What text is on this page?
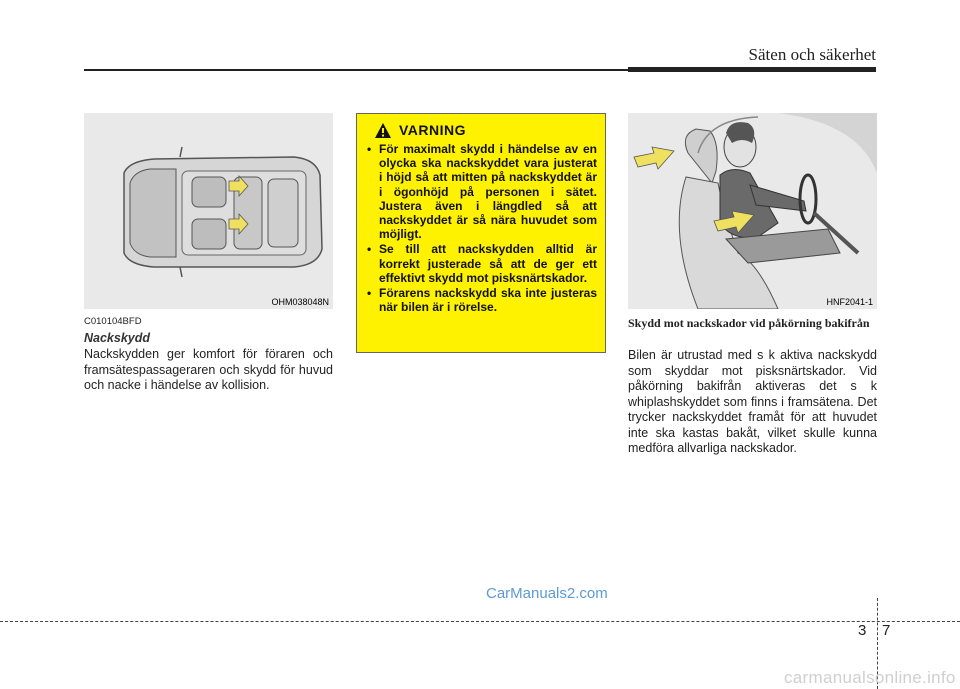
Säten och säkerhet
OHM038048N
C010104BFD
Nackskydd

Nackskydden ger komfort för föraren och framsätespassageraren och skydd för huvud och nacke i händelse av kollision.

VARNING
• För maximalt skydd i händelse av en olycka ska nackskyddet vara justerat i höjd så att mitten på nackskyddet är i ögonhöjd på personen i sätet. Justera även i längdled så att nackskyddet är så nära huvudet som möjligt.
• Se till att nackskydden alltid är korrekt justerade så att de ger ett effektivt skydd mot pisksnärtskador.
• Förarens nackskydd ska inte justeras när bilen är i rörelse.	HNF2041-1
Skydd mot nackskador vid påkörning bakifrån

Bilen är utrustad med s k aktiva nackskydd som skyddar mot pisksnärtskador. Vid påkörning bakifrån aktiveras det s k whiplashskyddet som finns i framsätena. Det trycker nackskyddet framåt för att huvudet inte ska kastas bakåt, vilket skulle kunna medföra allvarliga nackskador.

CarManuals2.com
3 7
carmanualsonline.info
